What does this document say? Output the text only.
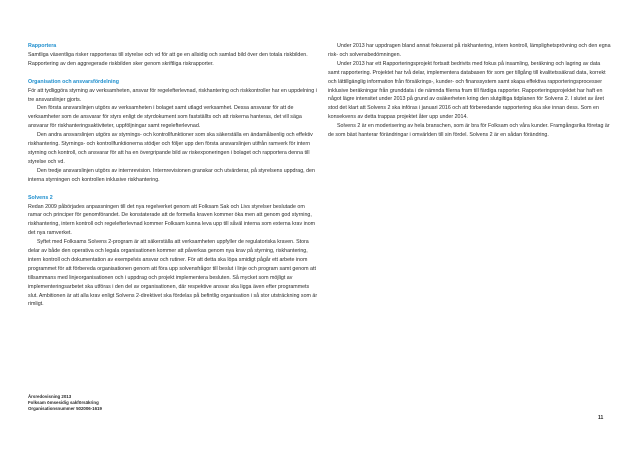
Rapportera

Samtliga väsentliga risker rapporteras till styrelse och vd för att ge en allsidig och samlad bild över den totala riskbilden. Rapportering av den aggregerade riskbilden sker genom skriftliga riskrapporter.

Organisation och ansvarsfördelning

För att tydliggöra styrning av verksamheten, ansvar för regelefterlevnad, riskhantering och riskkontroller har en uppdelning i tre ansvarslinjer gjorts.

Den första ansvarslinjen utgörs av verksamheten i bolaget samt utlagd verksamhet. Dessa ansvarar för att de verksamheter som de ansvarar för styrs enligt de styrdokument som fastställts och att riskerna hanteras, det vill säga ansvarar för riskhanteringsaktiviteter, uppföljningar samt regelefterlevnad.

Den andra ansvarslinjen utgörs av styrnings- och kontrollfunktioner som ska säkerställa en ändamålsenlig och effektiv riskhantering. Styrnings- och kontrollfunktionerna stödjer och följer upp den första ansvarslinjen utifrån ramverk för intern styrning och kontroll, och ansvarar för att ha en övergripande bild av riskexponeringen i bolaget och rapportera denna till styrelse och vd.

Den tredje ansvarslinjen utgörs av internrevision. Internrevisionen granskar och utvärderar, på styrelsens uppdrag, den interna styrningen och kontrollen inklusive riskhantering.

Solvens 2

Redan 2009 påbörjades anpassningen till det nya regelverket genom att Folksam Sak och Livs styrelser beslutade om ramar och principer för genomförandet. De konstaterade att de formella kraven kommer öka men att genom god styrning, riskhantering, intern kontroll och regelefterlevnad kommer Folksam kunna leva upp till såväl interna som externa krav inom det nya ramverket.

Syftet med Folksams Solvens 2-program är att säkerställa att verksamheten uppfyller de regulatoriska kraven. Stora delar av både den operativa och legala organisationen kommer att påverkas genom nya krav på styrning, riskhantering, intern kontroll och dokumentation av exempelvis ansvar och rutiner. För att detta ska löpa smidigt pågår ett arbete inom programmet för att förbereda organisationen genom att föra upp solvensfrågor till beslut i linje och program samt genom att tillsammans med linjeorganisationen och i uppdrag och projekt implementera besluten. Så mycket som möjligt av implementeringsarbetet ska utföras i den del av organisationen, där respektive ansvar ska ligga även efter programmets slut. Ambitionen är att alla krav enligt Solvens 2-direktivet ska fördelas på befintlig organisation i så stor utsträckning som är rimligt.

Under 2013 har uppdragen bland annat fokuserat på riskhantering, intern kontroll, lämplighetsprövning och den egna risk- och solvensbedömningen.

Under 2013 har ett Rapporteringsprojekt fortsatt bedrivits med fokus på insamling, beräkning och lagring av data samt rapportering. Projektet har två delar, implementera databasen för som ger tillgång till kvalitetssäkrad data, korrekt och lättillgänglig information från försäkrings-, kunder- och finanssystem samt skapa effektiva rapporteringsprocesser inklusive beräkningar från grunddata i de nämnda filerna fram till färdiga rapporter. Rapporteringsprojektet har haft en något lägre intensitet under 2013 på grund av osäkerheten kring den slutgiltiga tidplanen för Solvens 2. I slutet av året stod det klart att Solvens 2 ska införas i januari 2016 och att förberedande rapportering ska ske innan dess. Som en konsekvens av detta trappas projektet åter upp under 2014.

Solvens 2 är en moderisering av hela branschen, som är bra för Folksam och våra kunder. Framgångsrika företag är de som bäst hanterar förändringar i omvärlden till sin fördel. Solvens 2 är en sådan förändring.

Årsredovisning 2013
Folksam ömsesidig sakförsäkring
Organisationsnummer 502006-1619
11
